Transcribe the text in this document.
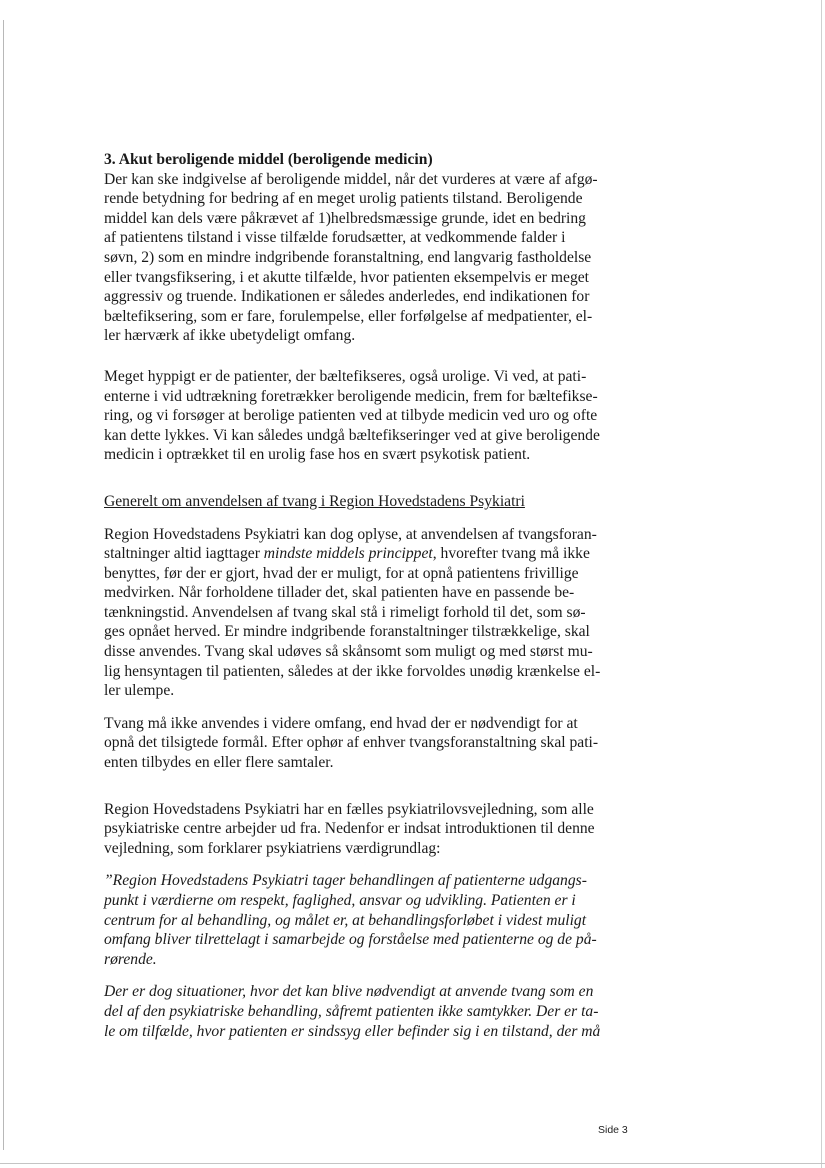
3. Akut beroligende middel (beroligende medicin)

Der kan ske indgivelse af beroligende middel, når det vurderes at være af afgø-

rende betydning for bedring af en meget urolig patients tilstand. Beroligende

middel kan dels være påkrævet af 1)helbredsmæssige grunde, idet en bedring

af patientens tilstand i visse tilfælde forudsætter, at vedkommende falder i

søvn, 2) som en mindre indgribende foranstaltning, end langvarig fastholdelse

eller tvangsfiksering, i et akutte tilfælde, hvor patienten eksempelvis er meget

aggressiv og truende. Indikationen er således anderledes, end indikationen for

bæltefiksering, som er fare, forulempelse, eller forfølgelse af medpatienter, el-

ler hærværk af ikke ubetydeligt omfang.

Meget hyppigt er de patienter, der bæltefikseres, også urolige. Vi ved, at pati-

enterne i vid udtrækning foretrækker beroligende medicin, frem for bæltefikse-

ring, og vi forsøger at berolige patienten ved at tilbyde medicin ved uro og ofte

kan dette lykkes. Vi kan således undgå bæltefikseringer ved at give beroligende

medicin i optrækket til en urolig fase hos en svært psykotisk patient.

Generelt om anvendelsen af tvang i Region Hovedstadens Psykiatri

Region Hovedstadens Psykiatri kan dog oplyse, at anvendelsen af tvangsforan-

staltninger altid iagttager mindste middels princippet, hvorefter tvang må ikke

benyttes, før der er gjort, hvad der er muligt, for at opnå patientens frivillige

medvirken. Når forholdene tillader det, skal patienten have en passende be-

tænkningstid. Anvendelsen af tvang skal stå i rimeligt forhold til det, som sø-

ges opnået herved. Er mindre indgribende foranstaltninger tilstrækkelige, skal

disse anvendes. Tvang skal udøves så skånsomt som muligt og med størst mu-

lig hensyntagen til patienten, således at der ikke forvoldes unødig krænkelse el-

ler ulempe.

Tvang må ikke anvendes i videre omfang, end hvad der er nødvendigt for at

opnå det tilsigtede formål. Efter ophør af enhver tvangsforanstaltning skal pati-

enten tilbydes en eller flere samtaler.

Region Hovedstadens Psykiatri har en fælles psykiatrilovsvejledning, som alle

psykiatriske centre arbejder ud fra. Nedenfor er indsat introduktionen til denne

vejledning, som forklarer psykiatriens værdigrundlag:

”Region Hovedstadens Psykiatri tager behandlingen af patienterne udgangs-

punkt i værdierne om respekt, faglighed, ansvar og udvikling. Patienten er i

centrum for al behandling, og målet er, at behandlingsforløbet i videst muligt

omfang bliver tilrettelagt i samarbejde og forståelse med patienterne og de på-

rørende.

Der er dog situationer, hvor det kan blive nødvendigt at anvende tvang som en

del af den psykiatriske behandling, såfremt patienten ikke samtykker. Der er ta-

le om tilfælde, hvor patienten er sindssyg eller befinder sig i en tilstand, der må

Side 3
